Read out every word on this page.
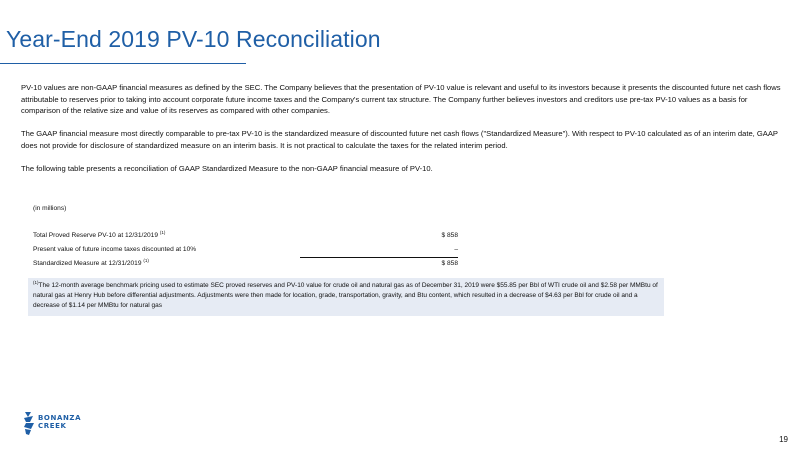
Year-End 2019 PV-10 Reconciliation

PV-10 values are non-GAAP financial measures as defined by the SEC. The Company believes that the presentation of PV-10 value is relevant and useful to its investors because it presents the discounted future net cash flows attributable to reserves prior to taking into account corporate future income taxes and the Company's current tax structure. The Company further believes investors and creditors use pre-tax PV-10 values as a basis for comparison of the relative size and value of its reserves as compared with other companies.

The GAAP financial measure most directly comparable to pre-tax PV-10 is the standardized measure of discounted future net cash flows ("Standardized Measure"). With respect to PV-10 calculated as of an interim date, GAAP does not provide for disclosure of standardized measure on an interim basis. It is not practical to calculate the taxes for the related interim period.

The following table presents a reconciliation of GAAP Standardized Measure to the non-GAAP financial measure of PV-10.

(in millions)
Total Proved Reserve PV-10 at 12/31/2019 $^{(1)}$	$ 858
Present value of future income taxes discounted at 10%	–
Standardized Measure at 12/31/2019 $^{(1)}$	$ 858
$^{(1)}$The 12-month average benchmark pricing used to estimate SEC proved reserves and PV-10 value for crude oil and natural gas as of December 31, 2019 were $55.85 per Bbl of WTI crude oil and $2.58 per MMBtu of natural gas at Henry Hub before differential adjustments. Adjustments were then made for location, grade, transportation, gravity, and Btu content, which resulted in a decrease of $4.63 per Bbl for crude oil and a decrease of $1.14 per MMBtu for natural gas
BONANZA
CREEK
19
